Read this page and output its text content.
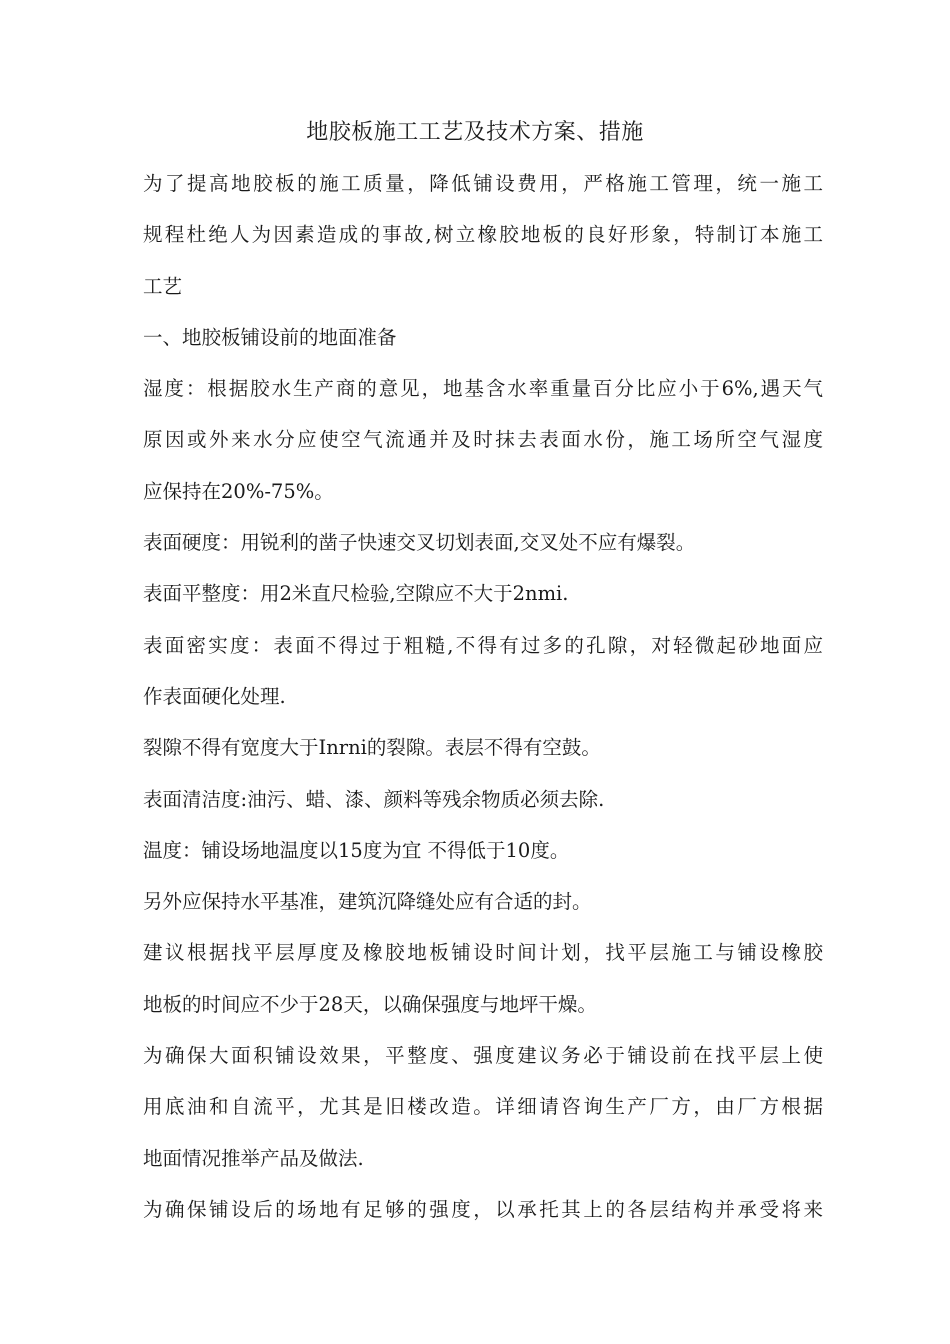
地胶板施工工艺及技术方案、措施
为了提高地胶板的施工质量，降低铺设费用，严格施工管理，统一施工
规程杜绝人为因素造成的事故,树立橡胶地板的良好形象，特制订本施工
工艺
一、地胶板铺设前的地面准备
湿度：根据胶水生产商的意见，地基含水率重量百分比应小于6%,遇天气
原因或外来水分应使空气流通并及时抹去表面水份，施工场所空气湿度
应保持在20%-75%。
表面硬度：用锐利的凿子快速交叉切划表面,交叉处不应有爆裂。
表面平整度：用2米直尺检验,空隙应不大于2nmi.
表面密实度：表面不得过于粗糙,不得有过多的孔隙，对轻微起砂地面应
作表面硬化处理.
裂隙不得有宽度大于Inrni的裂隙。表层不得有空鼓。
表面清洁度:油污、蜡、漆、颜料等残余物质必须去除.
温度：铺设场地温度以15度为宜 不得低于10度。
另外应保持水平基准，建筑沉降缝处应有合适的封。
建议根据找平层厚度及橡胶地板铺设时间计划，找平层施工与铺设橡胶
地板的时间应不少于28天，以确保强度与地坪干燥。
为确保大面积铺设效果，平整度、强度建议务必于铺设前在找平层上使
用底油和自流平，尤其是旧楼改造。详细请咨询生产厂方，由厂方根据
地面情况推举产品及做法.
为确保铺设后的场地有足够的强度，以承托其上的各层结构并承受将来
